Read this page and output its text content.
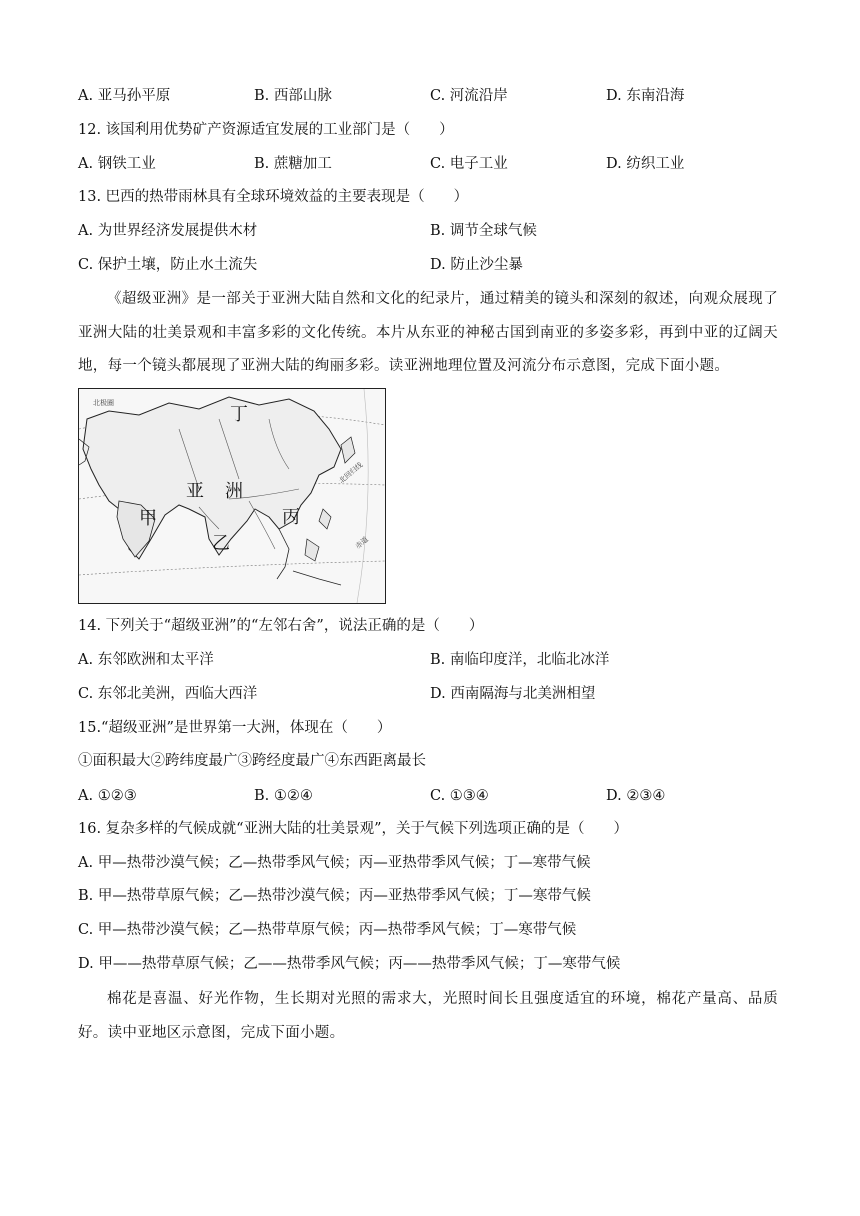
A. 亚马孙平原	B. 西部山脉	C. 河流沿岸	D. 东南沿海
12. 该国利用优势矿产资源适宜发展的工业部门是（　　）
A. 钢铁工业	B. 蔗糖加工	C. 电子工业	D. 纺织工业
13. 巴西的热带雨林具有全球环境效益的主要表现是（　　）
A. 为世界经济发展提供木材	B. 调节全球气候
C. 保护土壤，防止水土流失	D. 防止沙尘暴
《超级亚洲》是一部关于亚洲大陆自然和文化的纪录片，通过精美的镜头和深刻的叙述，向观众展现了亚洲大陆的壮美景观和丰富多彩的文化传统。本片从东亚的神秘古国到南亚的多姿多彩，再到中亚的辽阔天地，每一个镜头都展现了亚洲大陆的绚丽多彩。读亚洲地理位置及河流分布示意图，完成下面小题。
北极圈
北回归线
赤道
丁
亚 洲
甲	丙
乙
14. 下列关于“超级亚洲”的“左邻右舍”，说法正确的是（　　）
A. 东邻欧洲和太平洋	B. 南临印度洋，北临北冰洋
C. 东邻北美洲，西临大西洋	D. 西南隔海与北美洲相望
15.“超级亚洲”是世界第一大洲，体现在（　　）
①面积最大②跨纬度最广③跨经度最广④东西距离最长
A. ①②③	B. ①②④	C. ①③④	D. ②③④
16. 复杂多样的气候成就“亚洲大陆的壮美景观”，关于气候下列选项正确的是（　　）
A. 甲—热带沙漠气候；乙—热带季风气候；丙—亚热带季风气候；丁—寒带气候
B. 甲—热带草原气候；乙—热带沙漠气候；丙—亚热带季风气候；丁—寒带气候
C. 甲—热带沙漠气候；乙—热带草原气候；丙—热带季风气候；丁—寒带气候
D. 甲——热带草原气候；乙——热带季风气候；丙——热带季风气候；丁—寒带气候
棉花是喜温、好光作物，生长期对光照的需求大，光照时间长且强度适宜的环境，棉花产量高、品质好。读中亚地区示意图，完成下面小题。
